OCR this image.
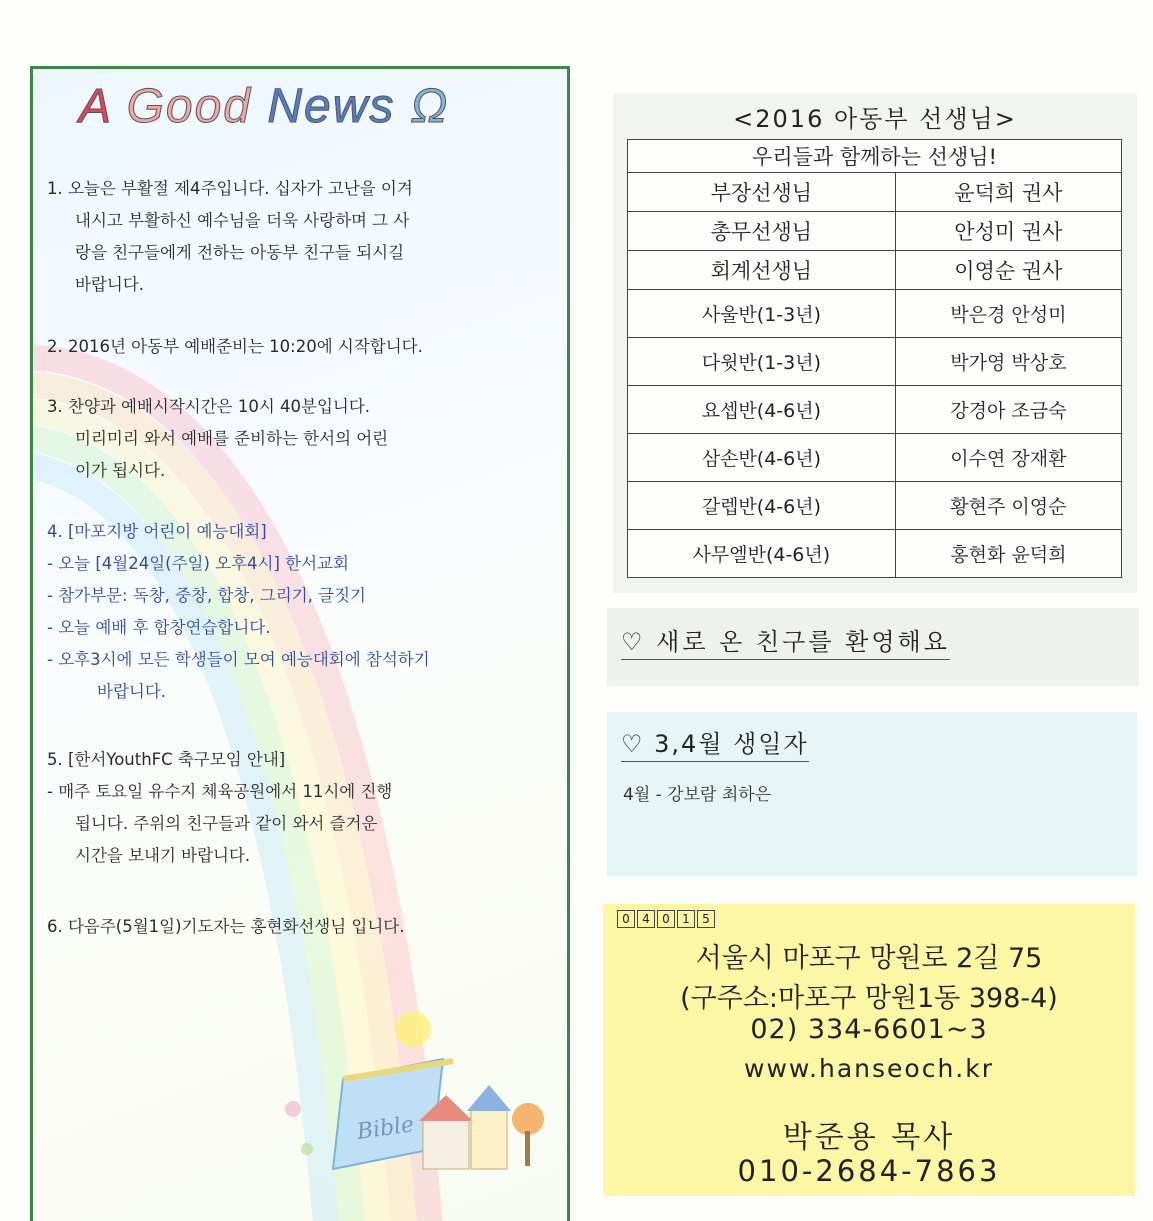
A Good News Ω

1. 오늘은 부활절 제4주입니다. 십자가 고난을 이겨

내시고 부활하신 예수님을 더욱 사랑하며 그 사

랑을 친구들에게 전하는 아동부 친구들 되시길

바랍니다.

2. 2016년 아동부 예배준비는 10:20에 시작합니다.

3. 찬양과 예배시작시간은 10시 40분입니다.

미리미리 와서 예배를 준비하는 한서의 어린

이가 됩시다.

4. [마포지방 어린이 예능대회]

- 오늘 [4월24일(주일) 오후4시] 한서교회

- 참가부문: 독창, 중창, 합창, 그리기, 글짓기

- 오늘 예배 후 합창연습합니다.

- 오후3시에 모든 학생들이 모여 예능대회에 참석하기

바랍니다.

5. [한서YouthFC 축구모임 안내]

- 매주 토요일 유수지 체육공원에서 11시에 진행

됩니다. 주위의 친구들과 같이 와서 즐거운

시간을 보내기 바랍니다.

6. 다음주(5월1일)기도자는 홍현화선생님 입니다.

Bible
<2016 아동부 선생님>
우리들과 함께하는 선생님!	
부장선생님	윤덕희 권사
총무선생님	안성미 권사
회계선생님	이영순 권사
사울반(1-3년)	박은경 안성미
다윗반(1-3년)	박가영 박상호
요셉반(4-6년)	강경아 조금숙
삼손반(4-6년)	이수연 장재환
갈렙반(4-6년)	황현주 이영순
사무엘반(4-6년)	홍현화 윤덕희
♡ 새로 온 친구를 환영해요
♡ 3,4월 생일자
4월 - 강보람 최하은
0	4	0	1	5
서울시 마포구 망원로 2길 75
(구주소:마포구 망원1동 398-4)
02) 334-6601~3
www.hanseoch.kr
박준용 목사
010-2684-7863
